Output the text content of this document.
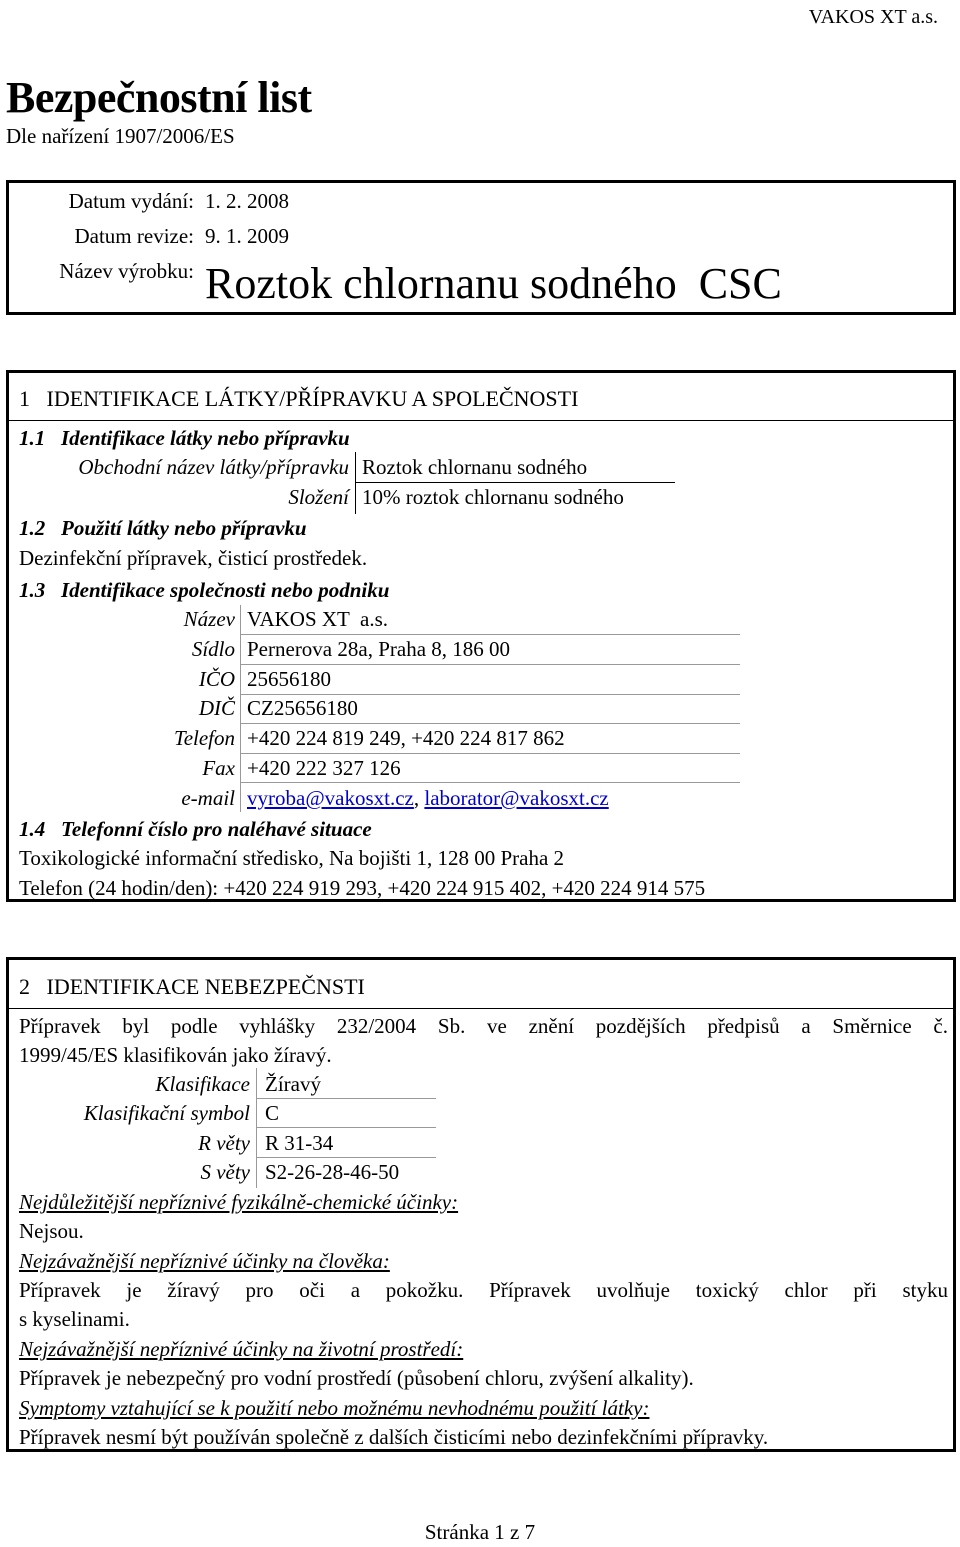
VAKOS XT a.s.
Bezpečnostní list
Dle nařízení 1907/2006/ES
Datum vydání: 1. 2. 2008
Datum revize: 9. 1. 2009
Název výrobku: Roztok chlornanu sodného  CSC
1   IDENTIFIKACE LÁTKY/PŘÍPRAVKU A SPOLEČNOSTI
1.1   Identifikace látky nebo přípravku
Obchodní název látky/přípravku Roztok chlornanu sodného
Složení 10% roztok chlornanu sodného
1.2   Použití látky nebo přípravku
Dezinfekční přípravek, čisticí prostředek.
1.3   Identifikace společnosti nebo podniku
Název VAKOS XT  a.s.
Sídlo Pernerova 28a, Praha 8, 186 00
IČO 25656180
DIČ CZ25656180
Telefon +420 224 819 249, +420 224 817 862
Fax +420 222 327 126
e-mail vyroba@vakosxt.cz, laborator@vakosxt.cz
1.4   Telefonní číslo pro naléhavé situace
Toxikologické informační středisko, Na bojišti 1, 128 00 Praha 2
Telefon (24 hodin/den): +420 224 919 293, +420 224 915 402, +420 224 914 575
2   IDENTIFIKACE NEBEZPEČNSTI
Přípravek byl podle vyhlášky 232/2004 Sb. ve znění pozdějších předpisů a Směrnice č.
1999/45/ES klasifikován jako žíravý.
Klasifikace Žíravý
Klasifikační symbol C
R věty R 31-34
S věty S2-26-28-46-50
Nejdůležitější nepříznivé fyzikálně-chemické účinky:
Nejsou.
Nejzávažnější nepříznivé účinky na člověka:
Přípravek je žíravý pro oči a pokožku. Přípravek uvolňuje toxický chlor při styku
s kyselinami.
Nejzávažnější nepříznivé účinky na životní prostředí:
Přípravek je nebezpečný pro vodní prostředí (působení chloru, zvýšení alkality).
Symptomy vztahující se k použití nebo možnému nevhodnému použití látky:
Přípravek nesmí být používán společně z dalších čisticími nebo dezinfekčními přípravky.
Stránka 1 z 7
